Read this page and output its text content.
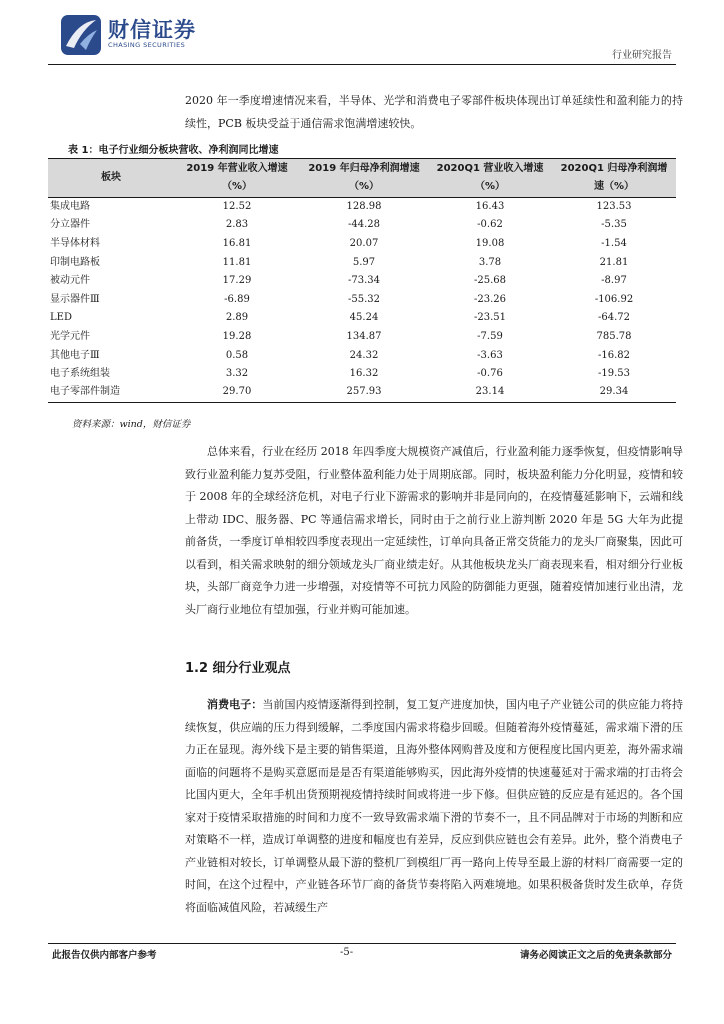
财信证券
CHASING SECURITIES
行业研究报告

2020 年一季度增速情况来看，半导体、光学和消费电子零部件板块体现出订单延续性和盈利能力的持续性，PCB 板块受益于通信需求饱满增速较快。

表 1：电子行业细分板块营收、净利润同比增速
板块	2019 年营业收入增速（%）	2019 年归母净利润增速（%）	2020Q1 营业收入增速（%）	2020Q1 归母净利润增速（%）
集成电路	12.52	128.98	16.43	123.53
分立器件	2.83	-44.28	-0.62	-5.35
半导体材料	16.81	20.07	19.08	-1.54
印制电路板	11.81	5.97	3.78	21.81
被动元件	17.29	-73.34	-25.68	-8.97
显示器件Ⅲ	-6.89	-55.32	-23.26	-106.92
LED	2.89	45.24	-23.51	-64.72
光学元件	19.28	134.87	-7.59	785.78
其他电子Ⅲ	0.58	24.32	-3.63	-16.82
电子系统组装	3.32	16.32	-0.76	-19.53
电子零部件制造	29.70	257.93	23.14	29.34
资料来源：wind，财信证券

总体来看，行业在经历 2018 年四季度大规模资产减值后，行业盈利能力逐季恢复，但疫情影响导致行业盈利能力复苏受阻，行业整体盈利能力处于周期底部。同时，板块盈利能力分化明显，疫情和较于 2008 年的全球经济危机，对电子行业下游需求的影响并非是同向的，在疫情蔓延影响下，云端和线上带动 IDC、服务器、PC 等通信需求增长，同时由于之前行业上游判断 2020 年是 5G 大年为此提前备货，一季度订单相较四季度表现出一定延续性，订单向具备正常交货能力的龙头厂商聚集，因此可以看到，相关需求映射的细分领域龙头厂商业绩走好。从其他板块龙头厂商表现来看，相对细分行业板块，头部厂商竞争力进一步增强，对疫情等不可抗力风险的防御能力更强，随着疫情加速行业出清，龙头厂商行业地位有望加强，行业并购可能加速。

1.2 细分行业观点

消费电子：当前国内疫情逐渐得到控制，复工复产进度加快，国内电子产业链公司的供应能力将持续恢复，供应端的压力得到缓解，二季度国内需求将稳步回暖。但随着海外疫情蔓延，需求端下滑的压力正在显现。海外线下是主要的销售渠道，且海外整体网购普及度和方便程度比国内更差，海外需求端面临的问题将不是购买意愿而是是否有渠道能够购买，因此海外疫情的快速蔓延对于需求端的打击将会比国内更大，全年手机出货预期视疫情持续时间或将进一步下修。但供应链的反应是有延迟的。各个国家对于疫情采取措施的时间和力度不一致导致需求端下滑的节奏不一，且不同品牌对于市场的判断和应对策略不一样，造成订单调整的进度和幅度也有差异，反应到供应链也会有差异。此外，整个消费电子产业链相对较长，订单调整从最下游的整机厂到模组厂再一路向上传导至最上游的材料厂商需要一定的时间，在这个过程中，产业链各环节厂商的备货节奏将陷入两难境地。如果积极备货时发生砍单，存货将面临减值风险，若减缓生产

此报告仅供内部客户参考	-5-	请务必阅读正文之后的免责条款部分
